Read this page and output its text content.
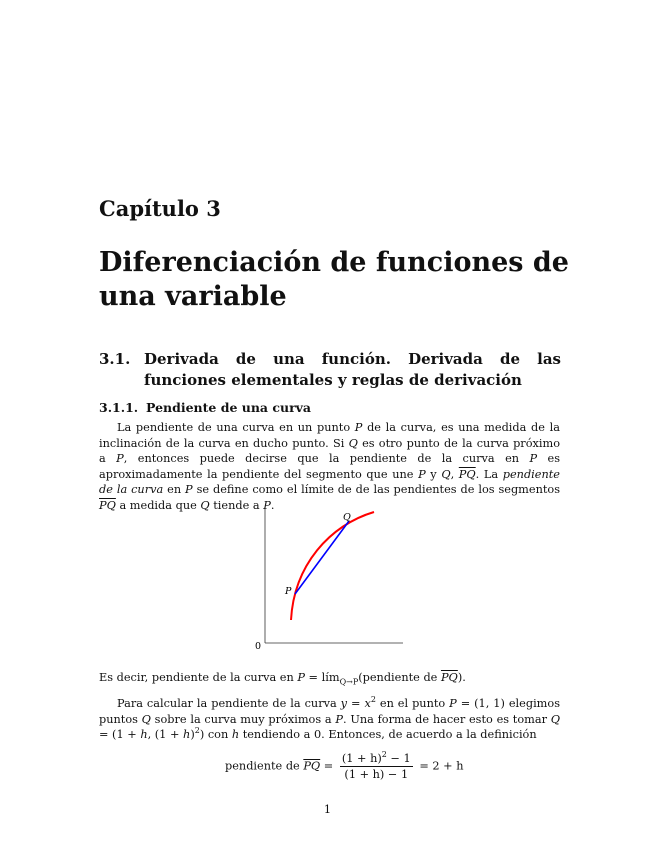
Capítulo 3
Diferenciación de funciones de una variable
3.1. Derivada de una función. Derivada de las funciones elementales y reglas de derivación
3.1.1. Pendiente de una curva
La pendiente de una curva en un punto P de la curva, es una medida de la inclinación de la curva en ducho punto. Si Q es otro punto de la curva próximo a P, entonces puede decirse que la pendiente de la curva en P es aproximadamente la pendiente del segmento que une P y Q, $\overline{PQ}$. La pendiente de la curva en P se define como el límite de de las pendientes de los segmentos $\overline{PQ}$ a medida que Q tiende a P.
P
Q
0
Es decir, pendiente de la curva en P = lím$_{Q\to P}$(pendiente de $\overline{PQ}$).
Para calcular la pendiente de la curva $y = x^2$ en el punto P = (1, 1) elegimos puntos Q sobre la curva muy próximos a P. Una forma de hacer esto es tomar Q = (1 + h, $(1 + h)^2$) con h tendiendo a 0. Entonces, de acuerdo a la definición
pendiente de $\overline{PQ} = \frac{(1 + h)^2 - 1}{(1 + h) - 1} = 2 + h$
1
